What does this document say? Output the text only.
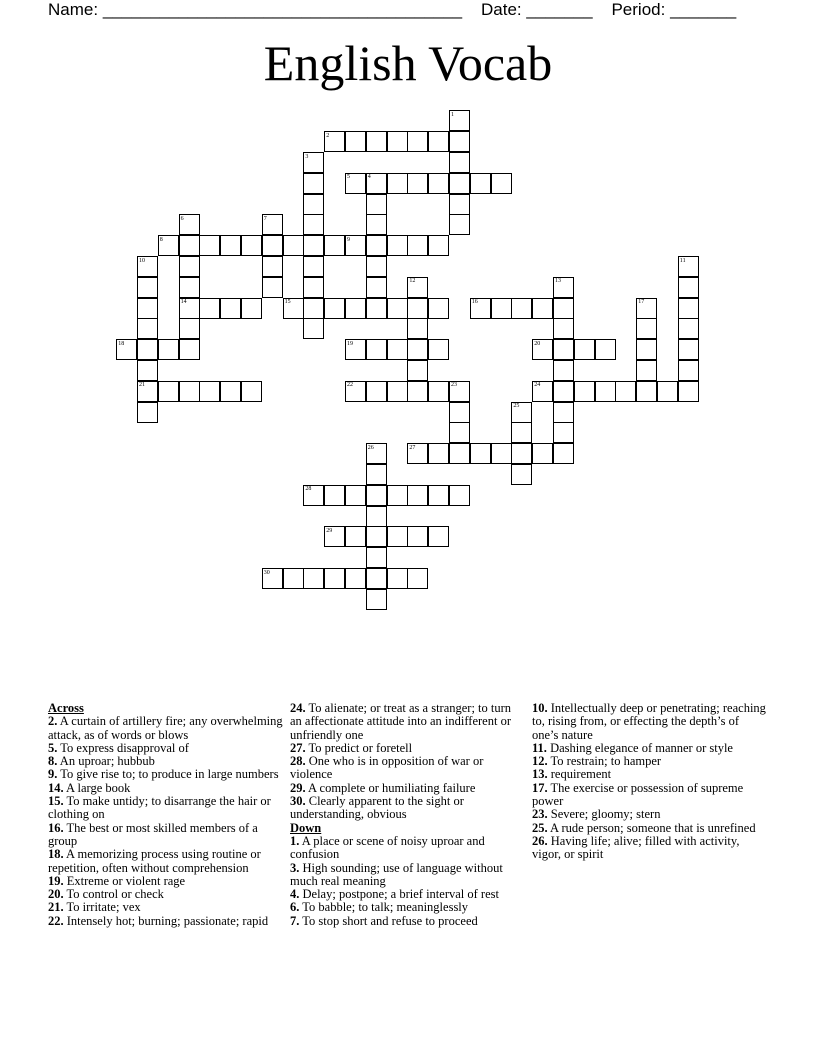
Name: ______________________________________ Date: _______ Period: _______
English Vocab
2
5	4
8	9
14	15	16
18	19	20
21	22	23	24
27
28
29
30
1
3
6	7
10	11
12	13
17
25
26

Across

2. A curtain of artillery fire; any overwhelming attack, as of words or blows

5. To express disapproval of

8. An uproar; hubbub

9. To give rise to; to produce in large numbers

14. A large book

15. To make untidy; to disarrange the hair or clothing on

16. The best or most skilled members of a group

18. A memorizing process using routine or repetition, often without comprehension

19. Extreme or violent rage

20. To control or check

21. To irritate; vex

22. Intensely hot; burning; passionate; rapid

24. To alienate; or treat as a stranger; to turn an affectionate attitude into an indifferent or unfriendly one

27. To predict or foretell

28. One who is in opposition of war or violence

29. A complete or humiliating failure

30. Clearly apparent to the sight or understanding, obvious

Down

1. A place or scene of noisy uproar and confusion

3. High sounding; use of language without much real meaning

4. Delay; postpone; a brief interval of rest

6. To babble; to talk; meaninglessly

7. To stop short and refuse to proceed

10. Intellectually deep or penetrating; reaching to, rising from, or effecting the depth’s of one’s nature

11. Dashing elegance of manner or style

12. To restrain; to hamper

13. requirement

17. The exercise or possession of supreme power

23. Severe; gloomy; stern

25. A rude person; someone that is unrefined

26. Having life; alive; filled with activity, vigor, or spirit
